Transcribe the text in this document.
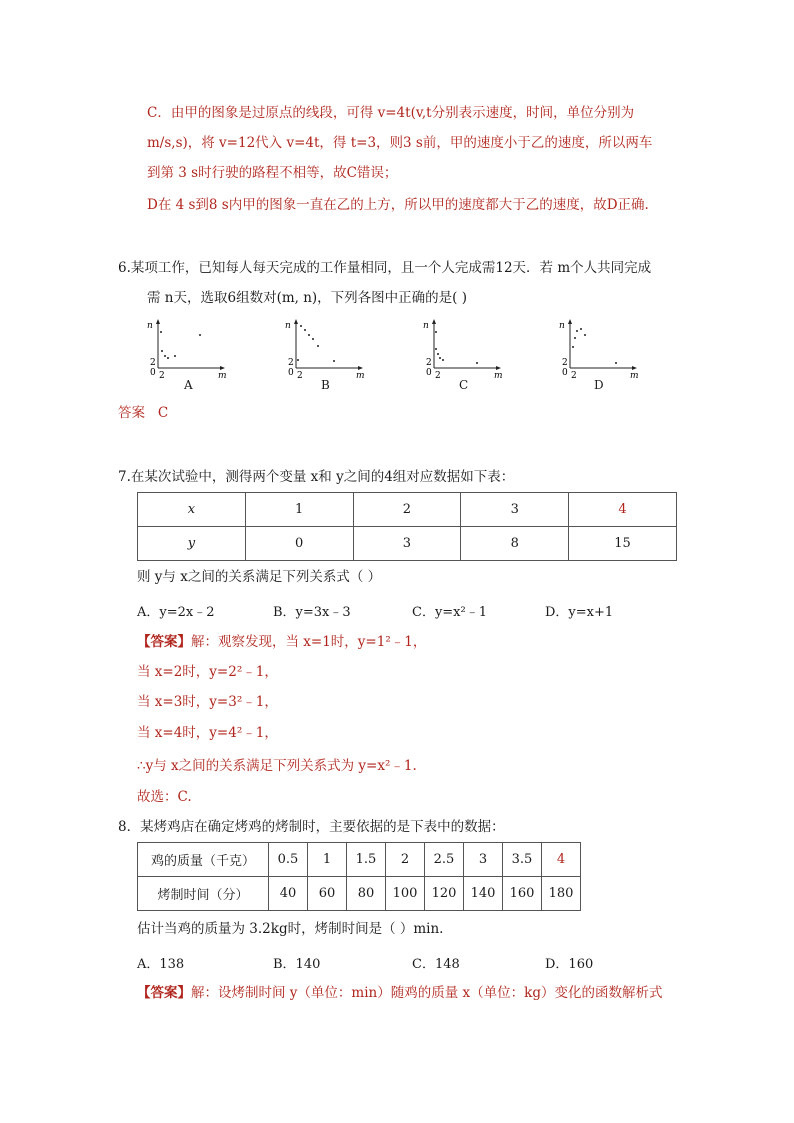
C．由甲的图象是过原点的线段，可得 v=4t(v,t分别表示速度，时间，单位分别为
m/s,s)，将 v=12代入 v=4t，得 t=3，则3 s前，甲的速度小于乙的速度，所以两车
到第 3 s时行驶的路程不相等，故C错误；
D在 4 s到8 s内甲的图象一直在乙的上方，所以甲的速度都大于乙的速度，故D正确.
6.某项工作，已知每人每天完成的工作量相同，且一个人完成需12天．若 m个人共同完成
需 n天，选取6组数对(m, n)，下列各图中正确的是( )
n
m
2
0 2
A
n
m
2
0 2
B
n
m
2
0 2
C
n
m
2
0 2
D
答案 C
7.在某次试验中，测得两个变量 x和 y之间的4组对应数据如下表：
x	1	2	3	4
y	0	3	8	15
则 y与 x之间的关系满足下列关系式（ ）
A．y=2x﹣2	B．y=3x﹣3	C．y=x²﹣1	D．y=x+1
【答案】解：观察发现，当 x=1时，y=1²﹣1，
当 x=2时，y=2²﹣1，
当 x=3时，y=3²﹣1，
当 x=4时，y=4²﹣1，
∴y与 x之间的关系满足下列关系式为 y=x²﹣1.
故选：C.
8．某烤鸡店在确定烤鸡的烤制时，主要依据的是下表中的数据：
鸡的质量（千克）	0.5	1	1.5	2	2.5	3	3.5	4
烤制时间（分）	40	60	80	100	120	140	160	180
估计当鸡的质量为 3.2kg时，烤制时间是（ ）min.
A．138	B．140	C．148	D．160
【答案】解：设烤制时间 y（单位：min）随鸡的质量 x（单位：kg）变化的函数解析式
